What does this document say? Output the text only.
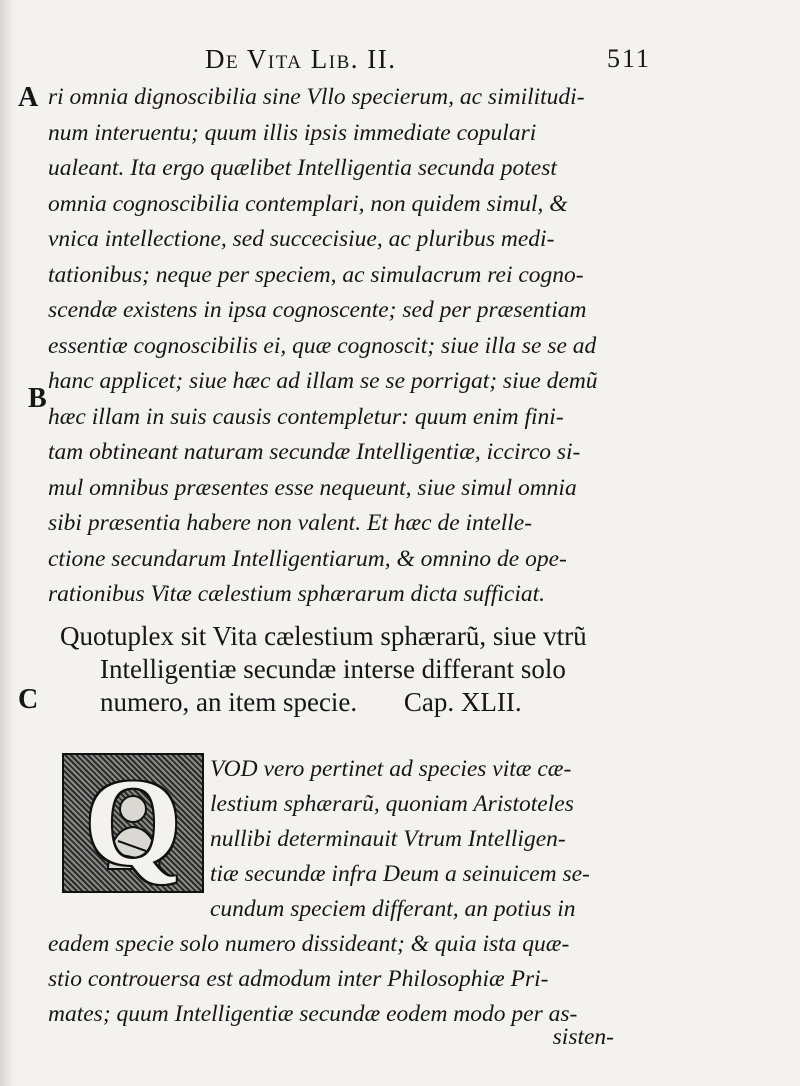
De Vita Lib. II.	511
A
B
C
ri omnia dignoscibilia sine Vllo specierum, ac similitudi-
num interuentu; quum illis ipsis immediate copulari
ualeant. Ita ergo quælibet Intelligentia secunda potest
omnia cognoscibilia contemplari, non quidem simul, &
vnica intellectione, sed succecisiue, ac pluribus medi-
tationibus; neque per speciem, ac simulacrum rei cogno-
scendæ existens in ipsa cognoscente; sed per præsentiam
essentiæ cognoscibilis ei, quæ cognoscit; siue illa se se ad
hanc applicet; siue hæc ad illam se se porrigat; siue demũ
hæc illam in suis causis contempletur: quum enim fini-
tam obtineant naturam secundæ Intelligentiæ, iccirco si-
mul omnibus præsentes esse nequeunt, siue simul omnia
sibi præsentia habere non valent. Et hæc de intelle-
ctione secundarum Intelligentiarum, & omnino de ope-
rationibus Vitæ cælestium sphærarum dicta sufficiat.
Quotuplex sit Vita cælestium sphærarũ, siue vtrũ
Intelligentiæ secundæ interse differant solo
numero, an item specie. Cap. XLII.
Q	VOD vero pertinet ad species vitæ cæ-
lestium sphærarũ, quoniam Aristoteles
nullibi determinauit Vtrum Intelligen-
tiæ secundæ infra Deum a seinuicem se-
cundum speciem differant, an potius in
eadem specie solo numero dissideant; & quia ista quæ-
stio controuersa est admodum inter Philosophiæ Pri-
mates; quum Intelligentiæ secundæ eodem modo per as-
sisten-
